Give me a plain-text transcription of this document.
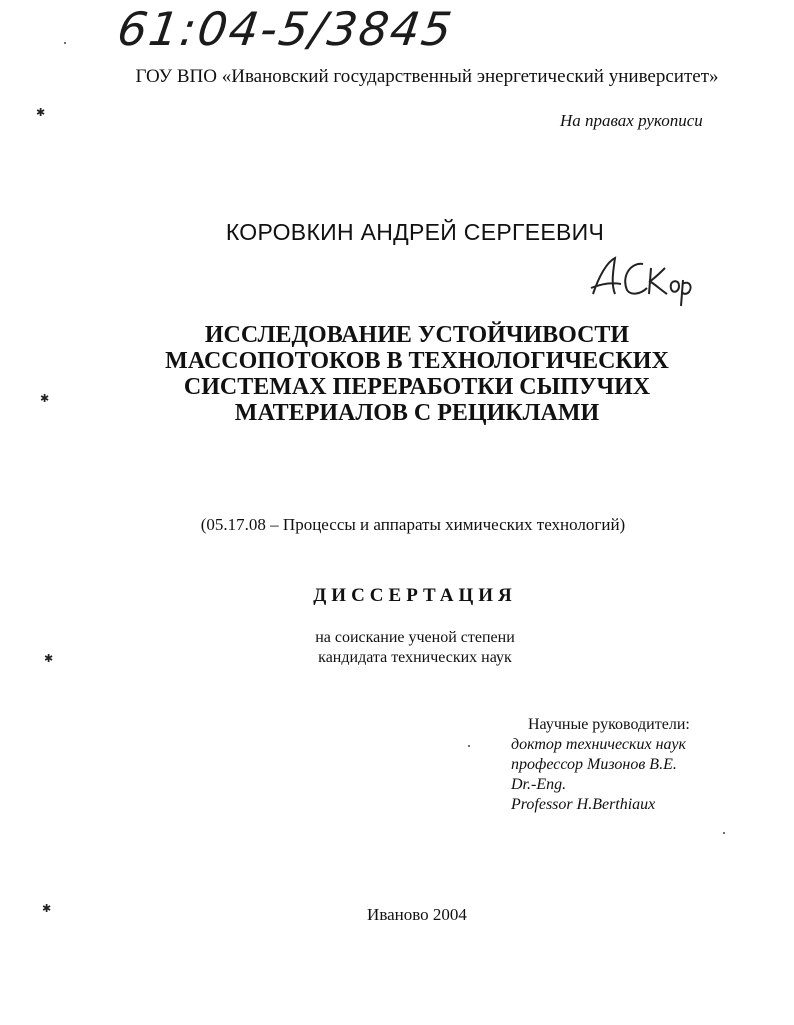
61:04-5/3845
ГОУ ВПО «Ивановский государственный энергетический университет»
На правах рукописи
КОРОВКИН АНДРЕЙ СЕРГЕЕВИЧ
ИССЛЕДОВАНИЕ УСТОЙЧИВОСТИ
МАССОПОТОКОВ В ТЕХНОЛОГИЧЕСКИХ
СИСТЕМАХ ПЕРЕРАБОТКИ СЫПУЧИХ
МАТЕРИАЛОВ С РЕЦИКЛАМИ
(05.17.08 – Процессы и аппараты химических технологий)
ДИССЕРТАЦИЯ
на соискание ученой степени
кандидата технических наук
Научные руководители:
доктор технических наук
профессор Мизонов В.Е.
Dr.-Eng.
Professor H.Berthiaux
Иваново 2004
✱
✱
✱
✱
